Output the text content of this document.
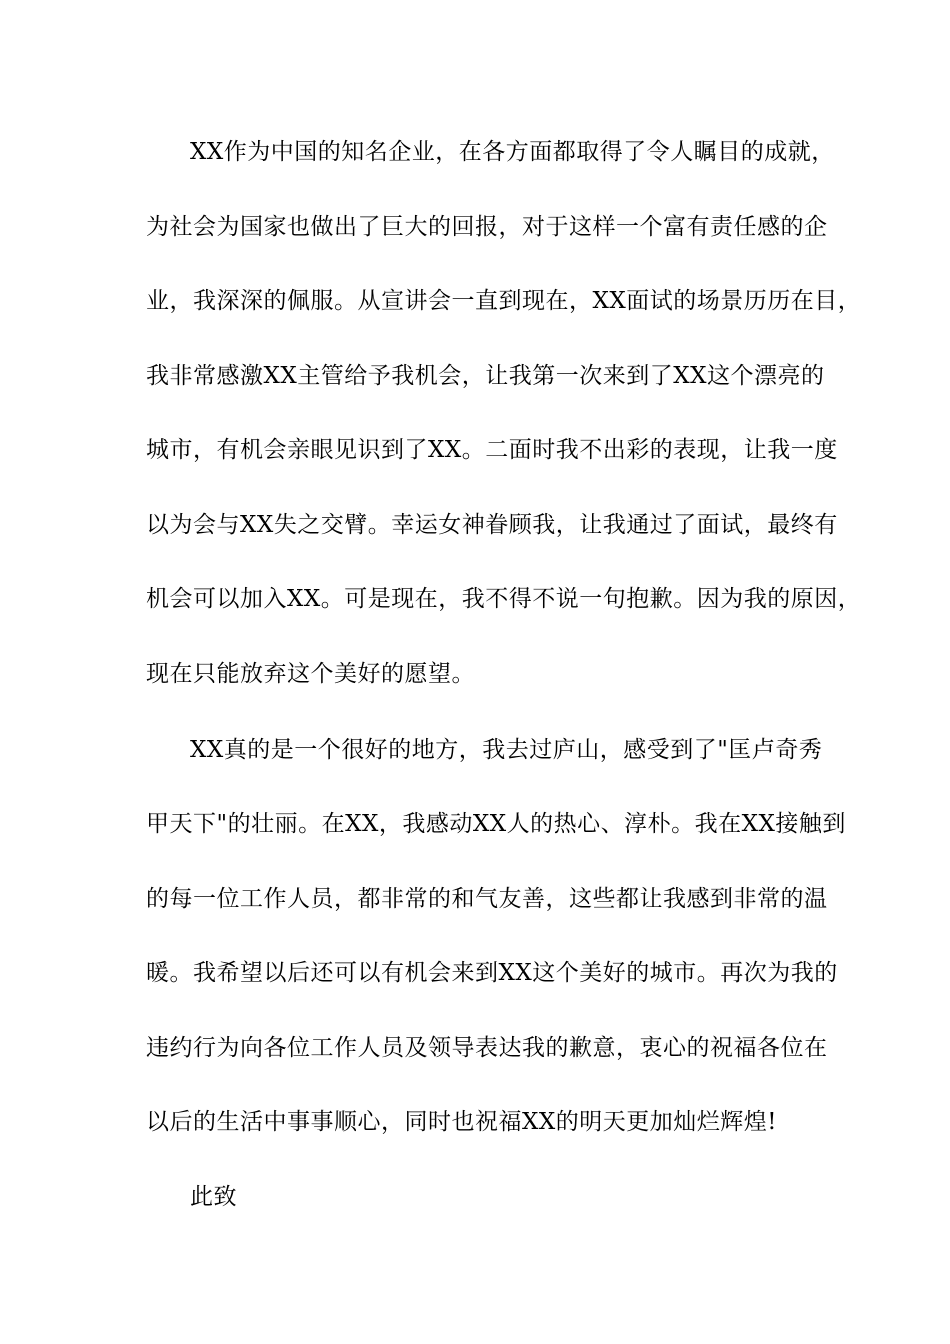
XX作为中国的知名企业，在各方面都取得了令人瞩目的成就，
为社会为国家也做出了巨大的回报，对于这样一个富有责任感的企
业，我深深的佩服。从宣讲会一直到现在，XX面试的场景历历在目，
我非常感激XX主管给予我机会，让我第一次来到了XX这个漂亮的
城市，有机会亲眼见识到了XX。二面时我不出彩的表现，让我一度
以为会与XX失之交臂。幸运女神眷顾我，让我通过了面试，最终有
机会可以加入XX。可是现在，我不得不说一句抱歉。因为我的原因，
现在只能放弃这个美好的愿望。
XX真的是一个很好的地方，我去过庐山，感受到了"匡卢奇秀
甲天下"的壮丽。在XX，我感动XX人的热心、淳朴。我在XX接触到
的每一位工作人员，都非常的和气友善，这些都让我感到非常的温
暖。我希望以后还可以有机会来到XX这个美好的城市。再次为我的
违约行为向各位工作人员及领导表达我的歉意，衷心的祝福各位在
以后的生活中事事顺心，同时也祝福XX的明天更加灿烂辉煌!
此致
